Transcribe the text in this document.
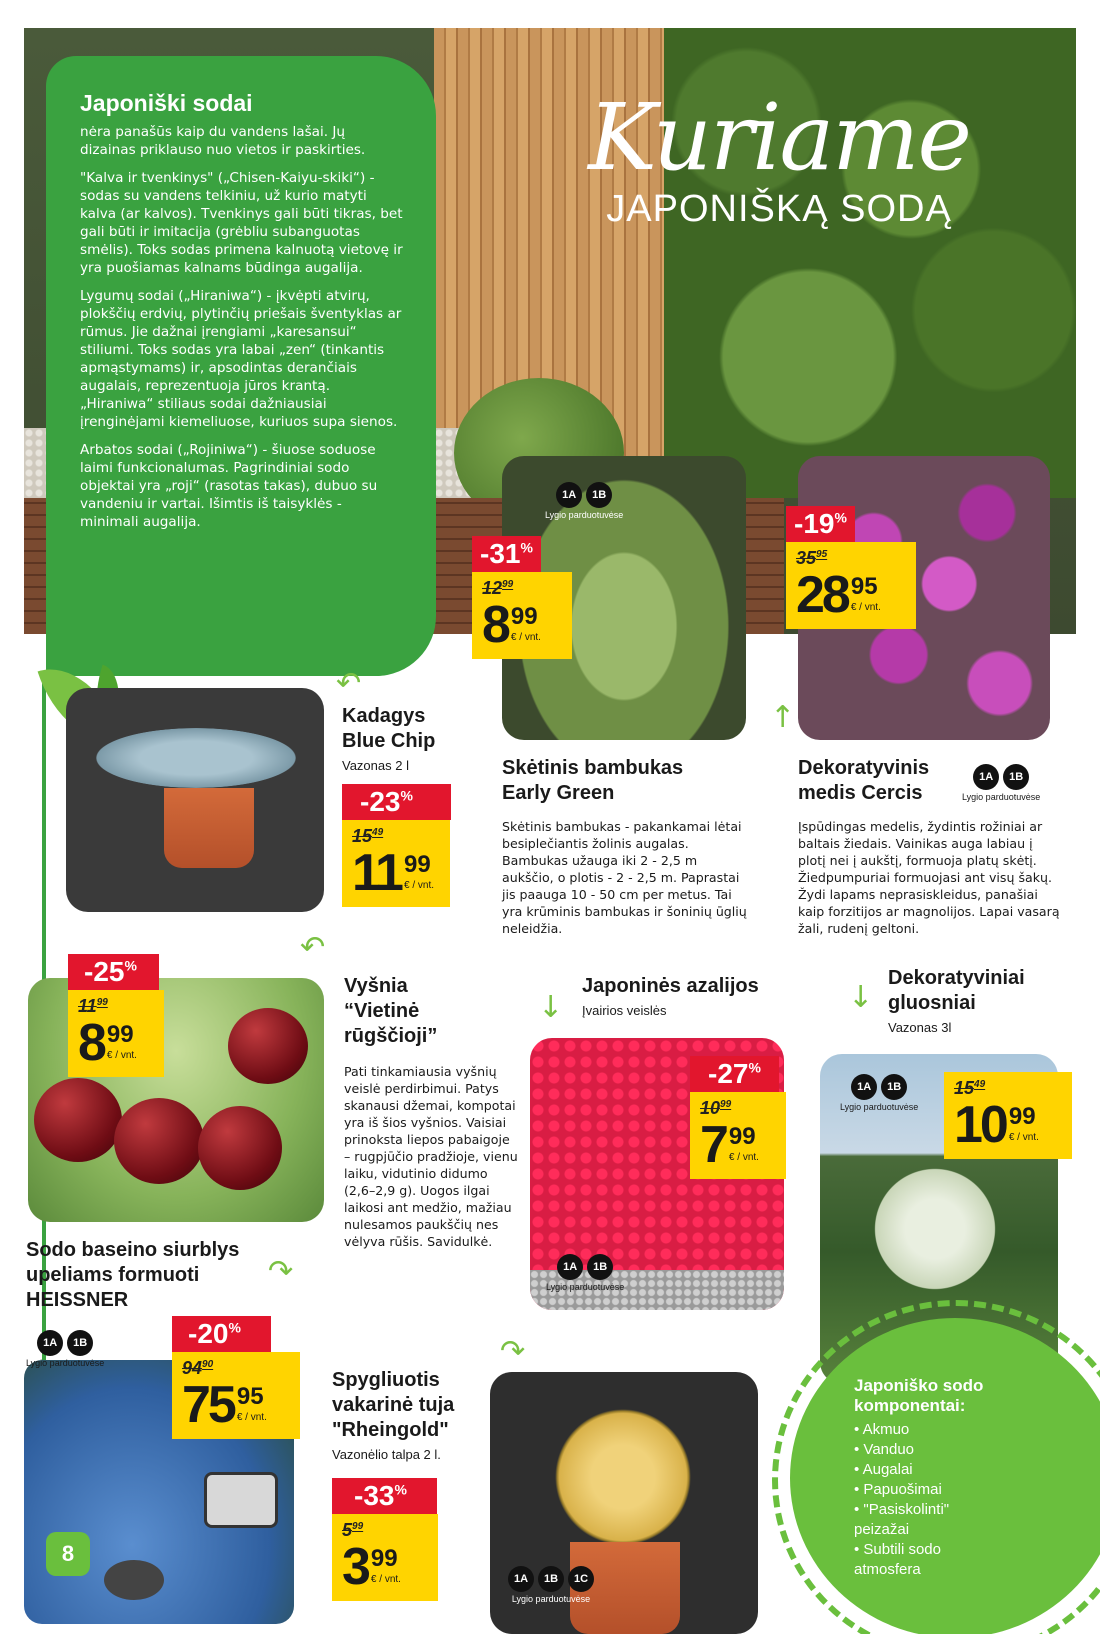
Kuriame
JAPONIŠKĄ SODĄ
Japoniški sodai

nėra panašūs kaip du vandens lašai. Jų dizainas priklauso nuo vietos ir paskirties.

"Kalva ir tvenkinys" („Chisen-Kaiyu-skiki“) - sodas su vandens telkiniu, už kurio matyti kalva (ar kalvos). Tvenkinys gali būti tikras, bet gali būti ir imitacija (grėbliu subanguotas smėlis). Toks sodas primena kalnuotą vietovę ir yra puošiamas kalnams būdinga augalija.

Lygumų sodai („Hiraniwa“) - įkvėpti atvirų, plokščių erdvių, plytinčių priešais šventyklas ar rūmus. Jie dažnai įrengiami „karesansui“ stiliumi. Toks sodas yra labai „zen“ (tinkantis apmąstymams) ir, apsodintas derančiais augalais, reprezentuoja jūros krantą. „Hiraniwa“ stiliaus sodai dažniausiai įrenginėjami kiemeliuose, kuriuos supa sienos.

Arbatos sodai („Rojiniwa“) - šiuose soduose laimi funkcionalumas. Pagrindiniai sodo objektai yra „roji“ (rasotas takas), dubuo su vandeniu ir vartai. Išimtis iš taisyklės - minimali augalija.

1A	1B
Lygio parduotuvėse
-31%
$12^{99}$
8 99
€ / vnt.
Skėtinis bambukas
Early Green
Skėtinis bambukas - pakankamai lėtai besiplečiantis žolinis augalas. Bambukas užauga iki 2 - 2,5 m aukščio, o plotis - 2 - 2,5 m. Paprastai jis paauga 10 - 50 cm per metus. Tai yra krūminis bambukas ir šoninių ūglių neleidžia.
-19%
$35^{95}$
28 95
€ / vnt.
Dekoratyvinis
medis Cercis
Įspūdingas medelis, žydintis rožiniai ar baltais žiedais. Vainikas auga labiau į plotį nei į aukštį, formuoja platų skėtį. Žiedpumpuriai formuojasi ant visų šakų. Žydi lapams neprasiskleidus, panašiai kaip forzitijos ar magnolijos. Lapai vasarą žali, rudenį geltoni.
1A	1B
Lygio parduotuvėse
↑
Kadagys
Blue Chip
Vazonas 2 l
-23%
$15^{49}$
11 99
€ / vnt.
↶
-25%
$11^{99}$
8 99
€ / vnt.
Vyšnia
“Vietinė
rūgščioji”
Pati tinkamiausia vyšnių veislė perdirbimui. Patys skanausi džemai, kompotai yra iš šios vyšnios. Vaisiai prinoksta liepos pabaigoje – rugpjūčio pradžioje, vienu laiku, vidutinio didumo (2,6–2,9 g). Uogos ilgai laikosi ant medžio, mažiau nulesamos paukščių nes vėlyva rūšis. Savidulkė.
↶
Japoninės azalijos
Įvairios veislės
↓
-27%
$10^{99}$
7 99
€ / vnt.
1A	1B
Lygio parduotuvėse
Dekoratyviniai
gluosniai
Vazonas 3l
↓
1A	1B
Lygio parduotuvėse
$15^{49}$
10 99
€ / vnt.
Sodo baseino siurblys
upeliams formuoti
HEISSNER
↷
1A	1B
Lygio parduotuvėse
-20%
$94^{90}$
75 95
€ / vnt.
Spygliuotis
vakarinė tuja
"Rheingold"
Vazonėlio talpa 2 l.
↷
-33%
$5^{99}$
3 99
€ / vnt.	1A	1B	1C
Lygio parduotuvėse
Japoniško sodo komponentai:
• Akmuo
• Vanduo
• Augalai
• Papuošimai
• "Pasiskolinti" peizažai
• Subtili sodo atmosfera
8
